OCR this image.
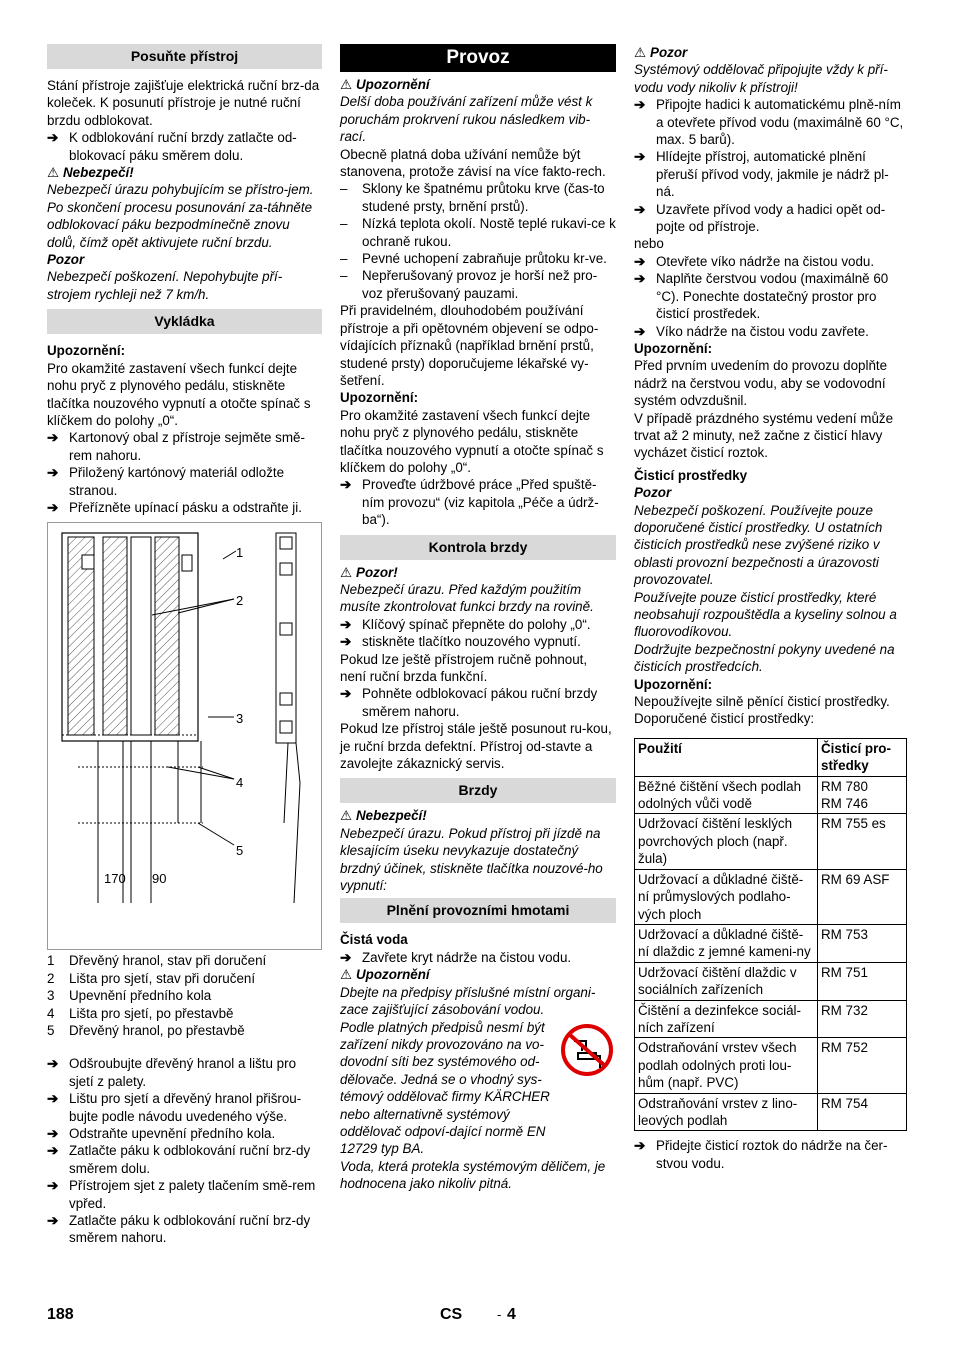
Posuňte přístroj

Stání přístroje zajišťuje elektrická ruční brz-da koleček. K posunutí přístroje je nutné ruční brzdu odblokovat.

➔ K odblokování ruční brzdy zatlačte od-blokovací páku směrem dolu.

⚠ Nebezpečí!

Nebezpečí úrazu pohybujícím se přístro-jem. Po skončení procesu posunování za-táhněte odblokovací páku bezpodmínečně znovu dolů, čímž opět aktivujete ruční brzdu.

Pozor

Nebezpečí poškození. Nepohybujte pří-strojem rychleji než 7 km/h.

Vykládka

Upozornění:

Pro okamžité zastavení všech funkcí dejte nohu pryč z plynového pedálu, stiskněte tlačítka nouzového vypnutí a otočte spínač s klíčkem do polohy „0“.

➔ Kartonový obal z přístroje sejměte smě-rem nahoru.
➔ Přiložený kartónový materiál odložte stranou.
➔ Přeřízněte upínací pásku a odstraňte ji.
1
2
3
4
5
170 90
1	Dřevěný hranol, stav při doručení
2	Lišta pro sjetí, stav při doručení
3	Upevnění předního kola
4	Lišta pro sjetí, po přestavbě
5	Dřevěný hranol, po přestavbě
➔ Odšroubujte dřevěný hranol a lištu pro sjetí z palety.
➔ Lištu pro sjetí a dřevěný hranol přišrou-bujte podle návodu uvedeného výše.
➔ Odstraňte upevnění předního kola.
➔ Zatlačte páku k odblokování ruční brz-dy směrem dolu.
➔ Přístrojem sjet z palety tlačením smě-rem vpřed.
➔ Zatlačte páku k odblokování ruční brz-dy směrem nahoru.
Provoz

⚠ Upozornění

Delší doba používání zařízení může vést k poruchám prokrvení rukou následkem vib-rací.

Obecně platná doba užívání nemůže být stanovena, protože závisí na více fakto-rech.

–	Sklony ke špatnému průtoku krve (čas-to studené prsty, brnění prstů).
–	Nízká teplota okolí. Nostě teplé rukavi-ce k ochraně rukou.
–	Pevné uchopení zabraňuje průtoku kr-ve.
–	Nepřerušovaný provoz je horší než pro-voz přerušovaný pauzami.

Při pravidelném, dlouhodobém používání přístroje a při opětovném objevení se odpo-vídajících příznaků (například brnění prstů, studené prsty) doporučujeme lékařské vy-šetření.

Upozornění:

Pro okamžité zastavení všech funkcí dejte nohu pryč z plynového pedálu, stiskněte tlačítka nouzového vypnutí a otočte spínač s klíčkem do polohy „0“.

➔ Proveďte údržbové práce „Před spuště-ním provozu“ (viz kapitola „Péče a údrž-ba“).
Kontrola brzdy

⚠ Pozor!

Nebezpečí úrazu. Před každým použitím musíte zkontrolovat funkci brzdy na rovině.

➔ Klíčový spínač přepněte do polohy „0“.
➔ stiskněte tlačítko nouzového vypnutí.

Pokud lze ještě přístrojem ručně pohnout, není ruční brzda funkční.

➔ Pohněte odblokovací pákou ruční brzdy směrem nahoru.

Pokud lze přístroj stále ještě posunout ru-kou, je ruční brzda defektní. Přístroj od-stavte a zavolejte zákaznický servis.

Brzdy

⚠ Nebezpečí!

Nebezpečí úrazu. Pokud přístroj při jízdě na klesajícím úseku nevykazuje dostatečný brzdný účinek, stiskněte tlačítka nouzové-ho vypnutí:

Plnění provozními hmotami

Čistá voda

➔ Zavřete kryt nádrže na čistou vodu.

⚠ Upozornění

Dbejte na předpisy příslušné místní organi-zace zajišťující zásobování vodou.

Podle platných předpisů nesmí být zařízení nikdy provozováno na vo-dovodní síti bez systémového od-dělovače. Jedná se o vhodný sys-témový oddělovač firmy KÄRCHER nebo alternativně systémový oddělovač odpoví-dající normě EN 12729 typ BA.

Voda, která protekla systémovým děličem, je hodnocena jako nikoliv pitná.

⚠ Pozor

Systémový oddělovač připojujte vždy k pří-vodu vody nikoliv k přístroji!

➔ Připojte hadici k automatickému plně-ním a otevřete přívod vodu (maximálně 60 °C, max. 5 barů).
➔ Hlídejte přístroj, automatické plnění přeruší přívod vody, jakmile je nádrž pl-ná.
➔ Uzavřete přívod vody a hadici opět od-pojte od přístroje.

nebo

➔ Otevřete víko nádrže na čistou vodu.
➔ Naplňte čerstvou vodou (maximálně 60 °C). Ponechte dostatečný prostor pro čisticí prostředek.
➔ Víko nádrže na čistou vodu zavřete.

Upozornění:

Před prvním uvedením do provozu doplňte nádrž na čerstvou vodu, aby se vodovodní systém odvzdušnil.

V případě prázdného systému vedení může trvat až 2 minuty, než začne z čisticí hlavy vycházet čisticí roztok.

Čisticí prostředky

Pozor

Nebezpečí poškození. Používejte pouze doporučené čisticí prostředky. U ostatních čisticích prostředků nese zvýšené riziko v oblasti provozní bezpečnosti a úrazovosti provozovatel.

Používejte pouze čisticí prostředky, které neobsahují rozpouštědla a kyseliny solnou a fluorovodíkovou.

Dodržujte bezpečnostní pokyny uvedené na čisticích prostředcích.

Upozornění:

Nepoužívejte silně pěnící čisticí prostředky.

Doporučené čisticí prostředky:

Použití	Čisticí pro-středky
Běžné čištění všech podlah odolných vůči vodě	RM 780
RM 746
Udržovací čištění lesklých povrchových ploch (např. žula)	RM 755 es
Udržovací a důkladné čiště-ní průmyslových podlaho-vých ploch	RM 69 ASF
Udržovací a důkladné čiště-ní dlaždic z jemné kameni-ny	RM 753
Udržovací čištění dlaždic v sociálních zařízeních	RM 751
Čištění a dezinfekce sociál-ních zařízení	RM 732
Odstraňování vrstev všech podlah odolných proti lou-hům (např. PVC)	RM 752
Odstraňování vrstev z lino-leových podlah	RM 754
➔ Přidejte čisticí roztok do nádrže na čer-stvou vodu.
188	CS	- 4
